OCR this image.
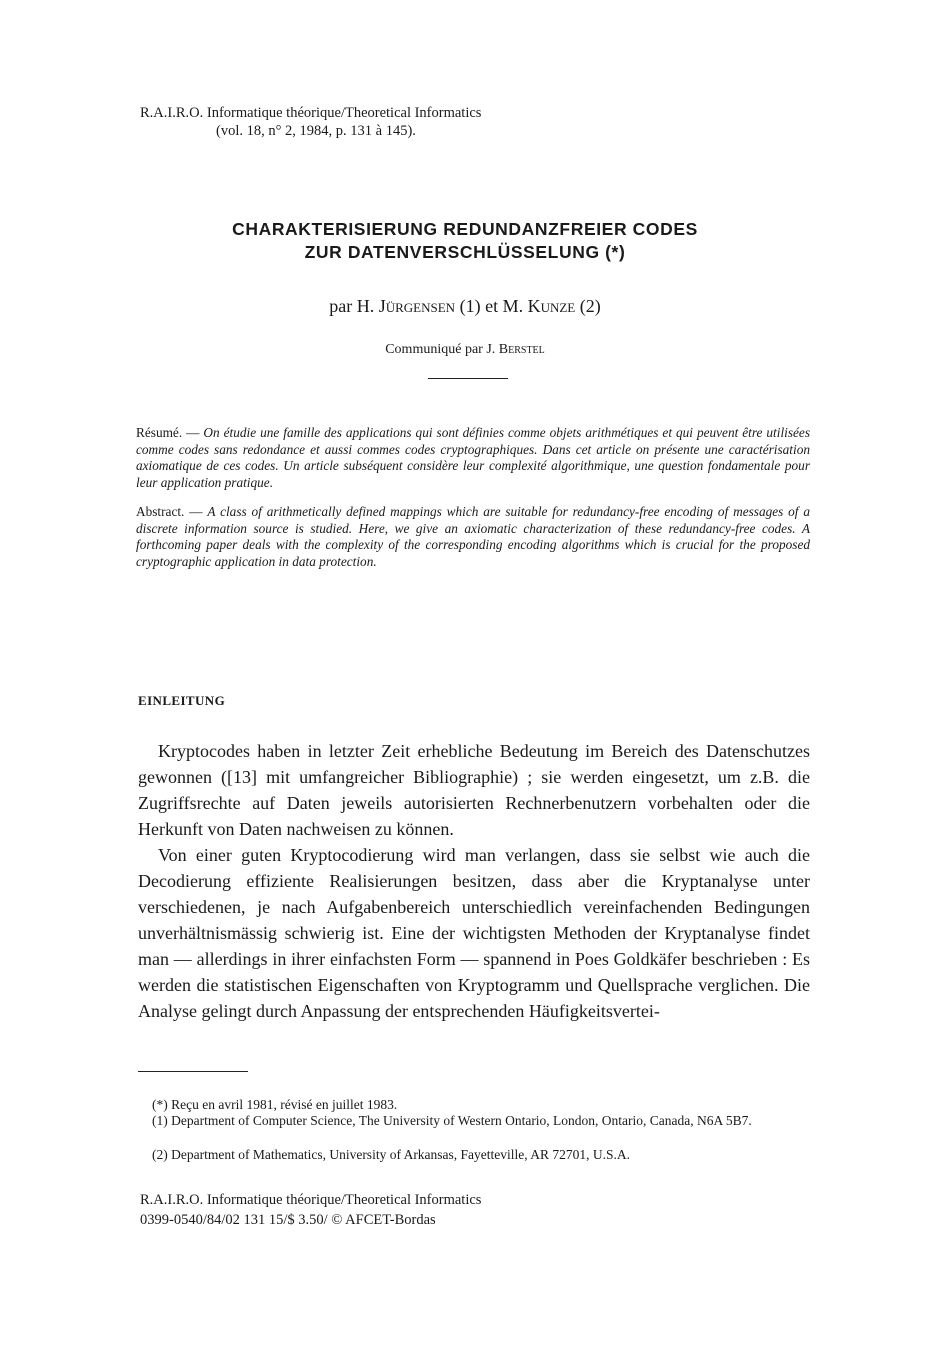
R.A.I.R.O. Informatique théorique/Theoretical Informatics
(vol. 18, n° 2, 1984, p. 131 à 145).
CHARAKTERISIERUNG REDUNDANZFREIER CODES
ZUR DATENVERSCHLÜSSELUNG (*)
par H. Jürgensen (1) et M. Kunze (2)
Communiqué par J. Berstel
Résumé. — On étudie une famille des applications qui sont définies comme objets arithmétiques et qui peuvent être utilisées comme codes sans redondance et aussi commes codes cryptographiques. Dans cet article on présente une caractérisation axiomatique de ces codes. Un article subséquent considère leur complexité algorithmique, une question fondamentale pour leur application pratique.
Abstract. — A class of arithmetically defined mappings which are suitable for redundancy-free encoding of messages of a discrete information source is studied. Here, we give an axiomatic characterization of these redundancy-free codes. A forthcoming paper deals with the complexity of the corresponding encoding algorithms which is crucial for the proposed cryptographic application in data protection.
EINLEITUNG
Kryptocodes haben in letzter Zeit erhebliche Bedeutung im Bereich des Datenschutzes gewonnen ([13] mit umfangreicher Bibliographie) ; sie werden eingesetzt, um z.B. die Zugriffsrechte auf Daten jeweils autorisierten Rechnerbenutzern vorbehalten oder die Herkunft von Daten nachweisen zu können.
Von einer guten Kryptocodierung wird man verlangen, dass sie selbst wie auch die Decodierung effiziente Realisierungen besitzen, dass aber die Kryptanalyse unter verschiedenen, je nach Aufgabenbereich unterschiedlich vereinfachenden Bedingungen unverhältnismässig schwierig ist. Eine der wichtigsten Methoden der Kryptanalyse findet man — allerdings in ihrer einfachsten Form — spannend in Poes Goldkäfer beschrieben : Es werden die statistischen Eigenschaften von Kryptogramm und Quellsprache verglichen. Die Analyse gelingt durch Anpassung der entsprechenden Häufigkeitsvertei-
(*) Reçu en avril 1981, révisé en juillet 1983.
(1) Department of Computer Science, The University of Western Ontario, London, Ontario, Canada, N6A 5B7.
(2) Department of Mathematics, University of Arkansas, Fayetteville, AR 72701, U.S.A.
R.A.I.R.O. Informatique théorique/Theoretical Informatics
0399-0540/84/02 131 15/$ 3.50/ © AFCET-Bordas
